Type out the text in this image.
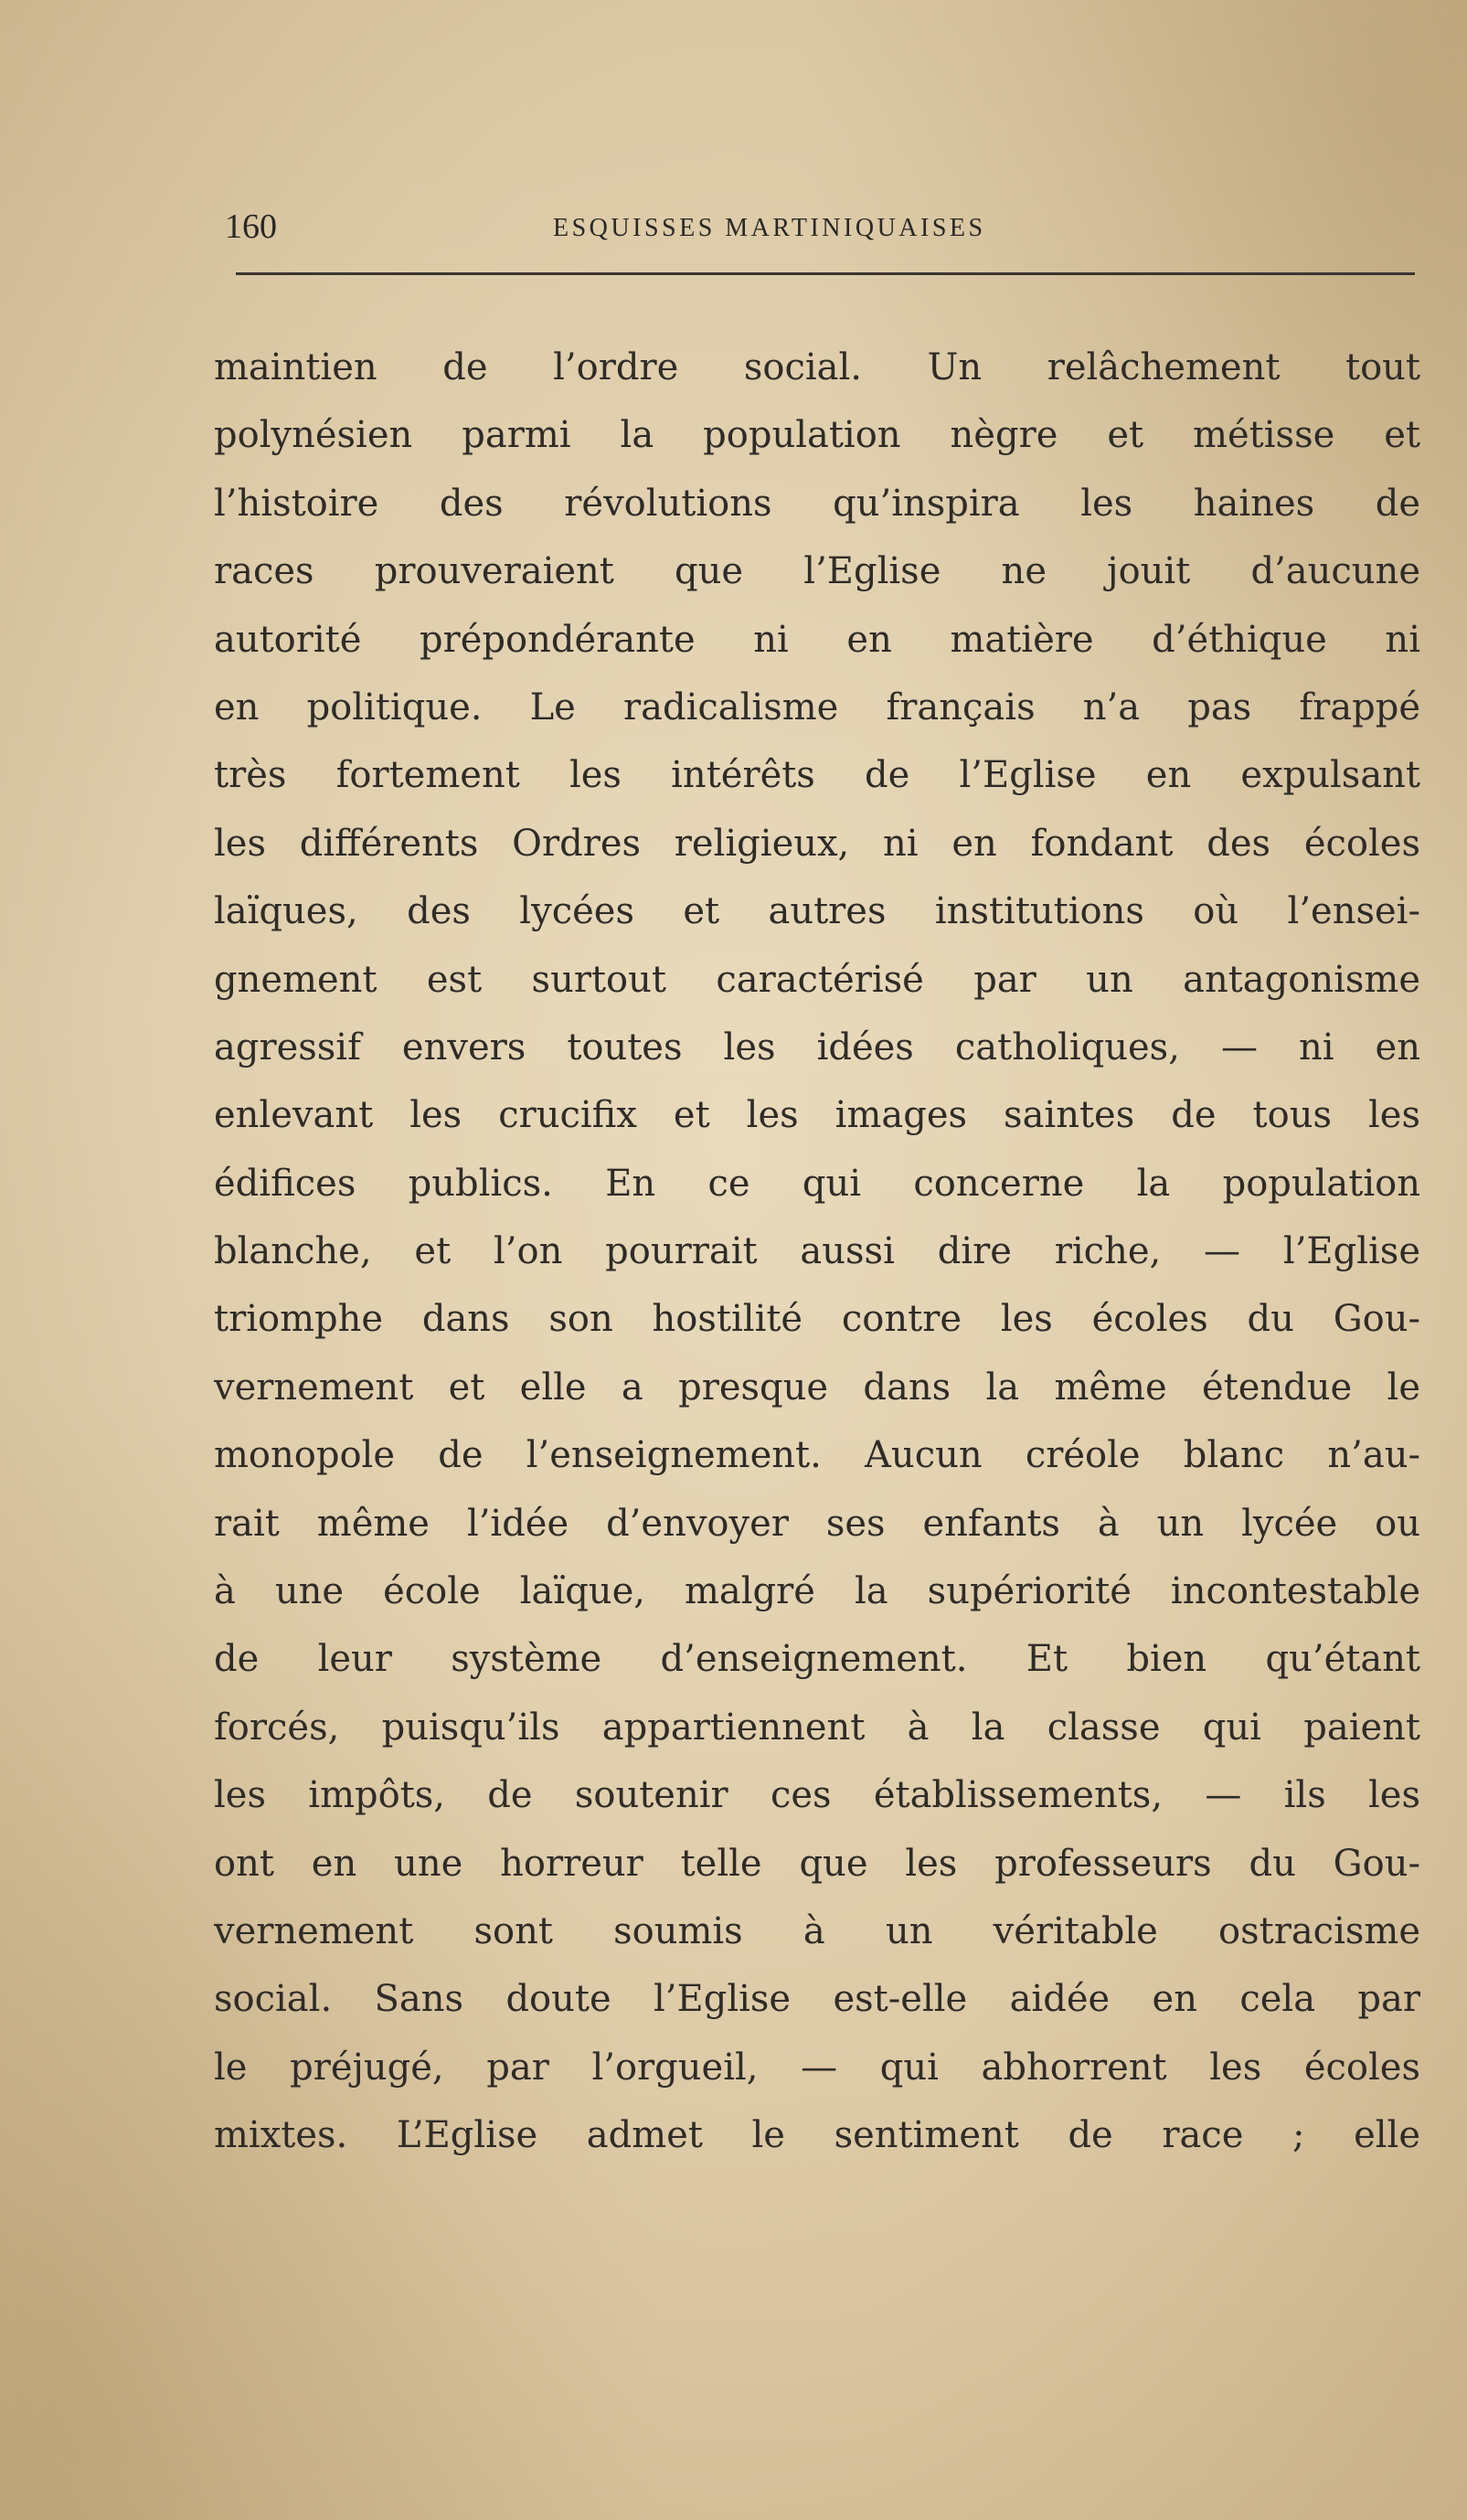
160	ESQUISSES MARTINIQUAISES
maintien de l’ordre social. Un relâchement tout
polynésien parmi la population nègre et métisse et
l’histoire des révolutions qu’inspira les haines de
races prouveraient que l’Eglise ne jouit d’aucune
autorité prépondérante ni en matière d’éthique ni
en politique. Le radicalisme français n’a pas frappé
très fortement les intérêts de l’Eglise en expulsant
les différents Ordres religieux, ni en fondant des écoles
laïques, des lycées et autres institutions où l’ensei-
gnement est surtout caractérisé par un antagonisme
agressif envers toutes les idées catholiques, — ni en
enlevant les crucifix et les images saintes de tous les
édifices publics. En ce qui concerne la population
blanche, et l’on pourrait aussi dire riche, — l’Eglise
triomphe dans son hostilité contre les écoles du Gou-
vernement et elle a presque dans la même étendue le
monopole de l’enseignement. Aucun créole blanc n’au-
rait même l’idée d’envoyer ses enfants à un lycée ou
à une école laïque, malgré la supériorité incontestable
de leur système d’enseignement. Et bien qu’étant
forcés, puisqu’ils appartiennent à la classe qui paient
les impôts, de soutenir ces établissements, — ils les
ont en une horreur telle que les professeurs du Gou-
vernement sont soumis à un véritable ostracisme
social. Sans doute l’Eglise est-elle aidée en cela par
le préjugé, par l’orgueil, — qui abhorrent les écoles
mixtes. L’Eglise admet le sentiment de race ; elle
